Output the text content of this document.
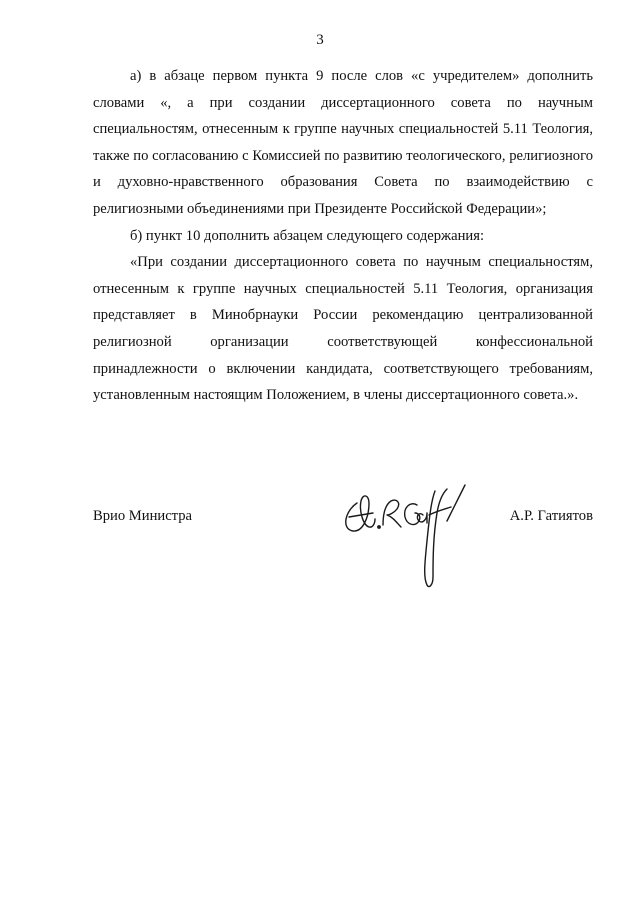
3

а) в абзаце первом пункта 9 после слов «с учредителем» дополнить словами «, а при создании диссертационного совета по научным специальностям, отнесенным к группе научных специальностей 5.11 Теология, также по согласованию с Комиссией по развитию теологического, религиозного и духовно-нравственного образования Совета по взаимодействию с религиозными объединениями при Президенте Российской Федерации»;

б) пункт 10 дополнить абзацем следующего содержания:

«При создании диссертационного совета по научным специальностям, отнесенным к группе научных специальностей 5.11 Теология, организация представляет в Минобрнауки России рекомендацию централизованной религиозной организации соответствующей конфессиональной принадлежности о включении кандидата, соответствующего требованиям, установленным настоящим Положением, в члены диссертационного совета.».

Врио Министра	А.Р. Гатиятов
